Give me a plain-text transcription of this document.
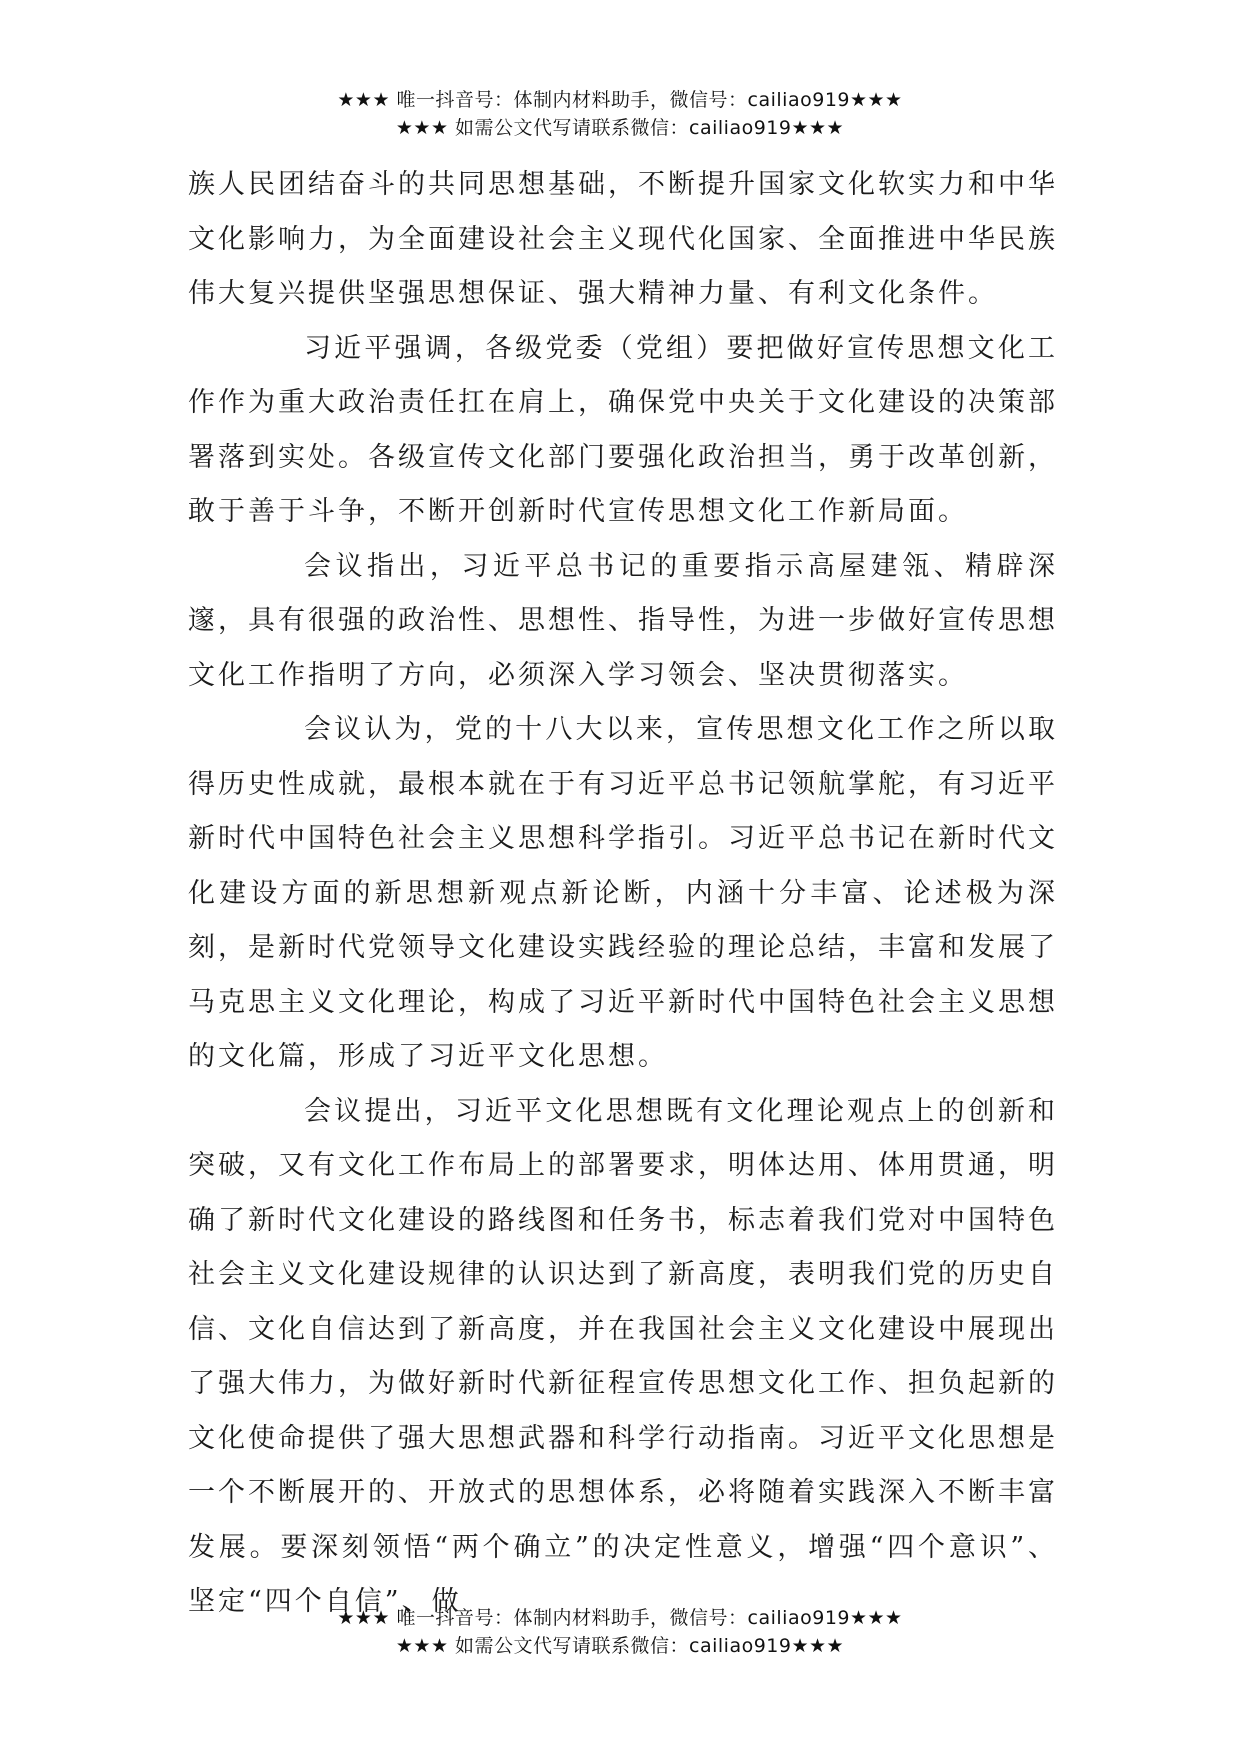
★★★ 唯一抖音号：体制内材料助手，微信号：cailiao919★★★
★★★ 如需公文代写请联系微信：cailiao919★★★

族人民团结奋斗的共同思想基础，不断提升国家文化软实力和中华文化影响力，为全面建设社会主义现代化国家、全面推进中华民族伟大复兴提供坚强思想保证、强大精神力量、有利文化条件。

习近平强调，各级党委（党组）要把做好宣传思想文化工作作为重大政治责任扛在肩上，确保党中央关于文化建设的决策部署落到实处。各级宣传文化部门要强化政治担当，勇于改革创新，敢于善于斗争，不断开创新时代宣传思想文化工作新局面。

会议指出，习近平总书记的重要指示高屋建瓴、精辟深邃，具有很强的政治性、思想性、指导性，为进一步做好宣传思想文化工作指明了方向，必须深入学习领会、坚决贯彻落实。

会议认为，党的十八大以来，宣传思想文化工作之所以取得历史性成就，最根本就在于有习近平总书记领航掌舵，有习近平新时代中国特色社会主义思想科学指引。习近平总书记在新时代文化建设方面的新思想新观点新论断，内涵十分丰富、论述极为深刻，是新时代党领导文化建设实践经验的理论总结，丰富和发展了马克思主义文化理论，构成了习近平新时代中国特色社会主义思想的文化篇，形成了习近平文化思想。

会议提出，习近平文化思想既有文化理论观点上的创新和突破，又有文化工作布局上的部署要求，明体达用、体用贯通，明确了新时代文化建设的路线图和任务书，标志着我们党对中国特色社会主义文化建设规律的认识达到了新高度，表明我们党的历史自信、文化自信达到了新高度，并在我国社会主义文化建设中展现出了强大伟力，为做好新时代新征程宣传思想文化工作、担负起新的文化使命提供了强大思想武器和科学行动指南。习近平文化思想是一个不断展开的、开放式的思想体系，必将随着实践深入不断丰富发展。要深刻领悟“两个确立”的决定性意义，增强“四个意识”、坚定“四个自信”、做

★★★ 唯一抖音号：体制内材料助手，微信号：cailiao919★★★
★★★ 如需公文代写请联系微信：cailiao919★★★
